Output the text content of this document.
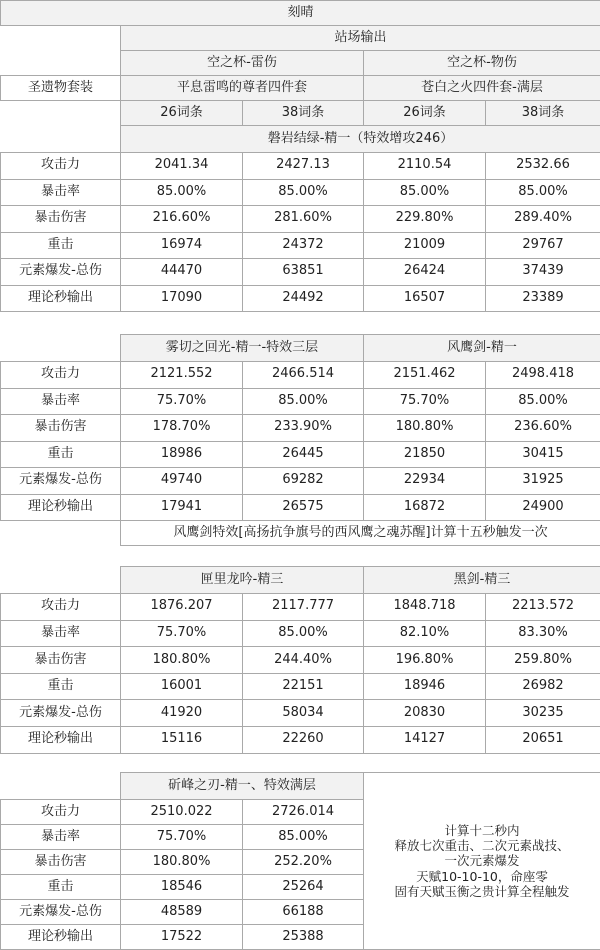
刻晴
站场输出
空之杯-雷伤	空之杯-物伤
圣遗物套装	平息雷鸣的尊者四件套	苍白之火四件套-满层
26词条	38词条	26词条	38词条
磐岩结绿-精一（特效增攻246）
攻击力	2041.34	2427.13	2110.54	2532.66
暴击率	85.00%	85.00%	85.00%	85.00%
暴击伤害	216.60%	281.60%	229.80%	289.40%
重击	16974	24372	21009	29767
元素爆发-总伤	44470	63851	26424	37439
理论秒输出	17090	24492	16507	23389
雾切之回光-精一-特效三层	风鹰剑-精一
攻击力	2121.552	2466.514	2151.462	2498.418
暴击率	75.70%	85.00%	75.70%	85.00%
暴击伤害	178.70%	233.90%	180.80%	236.60%
重击	18986	26445	21850	30415
元素爆发-总伤	49740	69282	22934	31925
理论秒输出	17941	26575	16872	24900
风鹰剑特效[高扬抗争旗号的西风鹰之魂苏醒]计算十五秒触发一次
匣里龙吟-精三	黑剑-精三
攻击力	1876.207	2117.777	1848.718	2213.572
暴击率	75.70%	85.00%	82.10%	83.30%
暴击伤害	180.80%	244.40%	196.80%	259.80%
重击	16001	22151	18946	26982
元素爆发-总伤	41920	58034	20830	30235
理论秒输出	15116	22260	14127	20651
斫峰之刃-精一、特效满层
攻击力	2510.022	2726.014
暴击率	75.70%	85.00%
暴击伤害	180.80%	252.20%
重击	18546	25264
元素爆发-总伤	48589	66188
理论秒输出	17522	25388
计算十二秒内
释放七次重击、二次元素战技、
一次元素爆发
天赋10-10-10，命座零
固有天赋玉衡之贵计算全程触发
